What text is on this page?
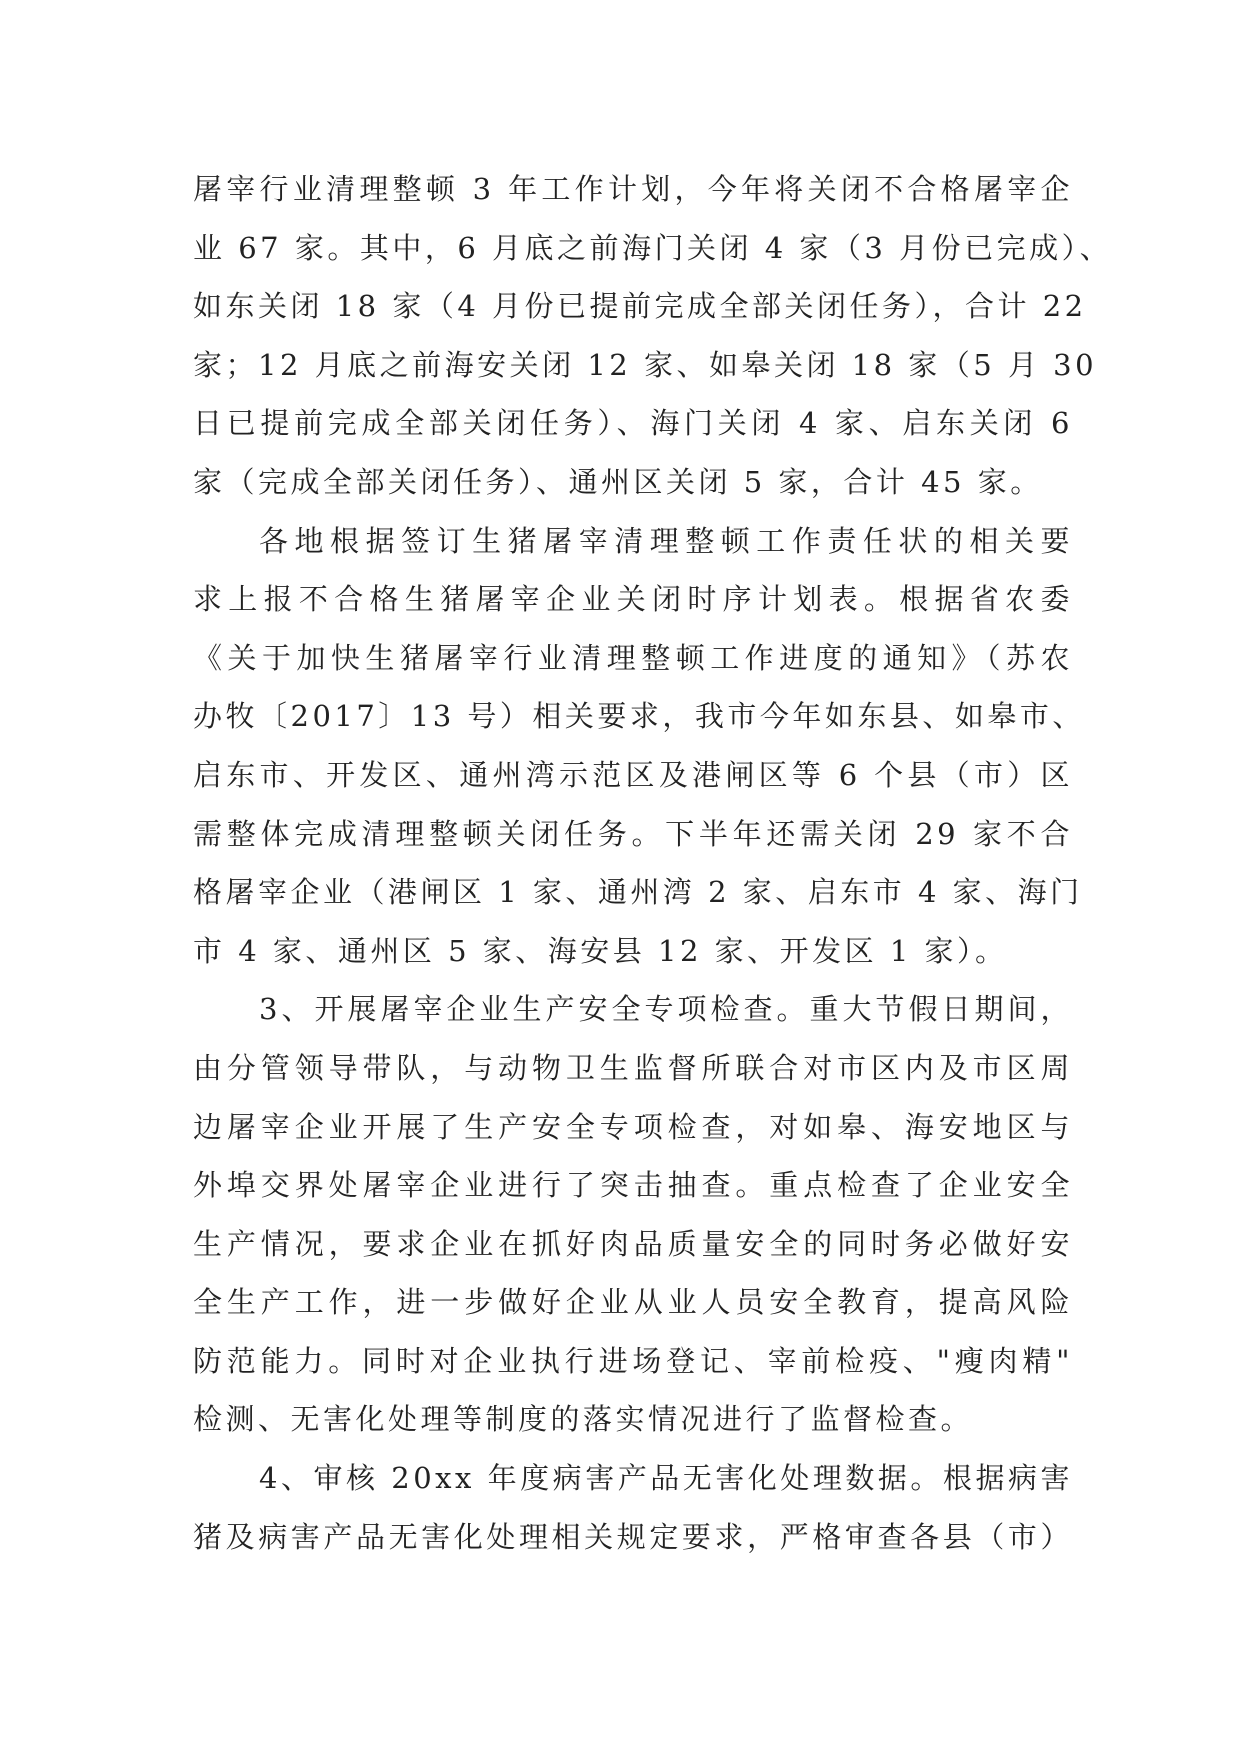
屠宰行业清理整顿 3 年工作计划，今年将关闭不合格屠宰企
业 67 家。其中，6 月底之前海门关闭 4 家（3 月份已完成）、
如东关闭 18 家（4 月份已提前完成全部关闭任务），合计 22
家；12 月底之前海安关闭 12 家、如皋关闭 18 家（5 月 30
日已提前完成全部关闭任务）、海门关闭 4 家、启东关闭 6
家（完成全部关闭任务）、通州区关闭 5 家，合计 45 家。
各地根据签订生猪屠宰清理整顿工作责任状的相关要
求上报不合格生猪屠宰企业关闭时序计划表。根据省农委
《关于加快生猪屠宰行业清理整顿工作进度的通知》（苏农
办牧〔2017〕13 号）相关要求，我市今年如东县、如皋市、
启东市、开发区、通州湾示范区及港闸区等 6 个县（市）区
需整体完成清理整顿关闭任务。下半年还需关闭 29 家不合
格屠宰企业（港闸区 1 家、通州湾 2 家、启东市 4 家、海门
市 4 家、通州区 5 家、海安县 12 家、开发区 1 家）。
3、开展屠宰企业生产安全专项检查。重大节假日期间，
由分管领导带队，与动物卫生监督所联合对市区内及市区周
边屠宰企业开展了生产安全专项检查，对如皋、海安地区与
外埠交界处屠宰企业进行了突击抽查。重点检查了企业安全
生产情况，要求企业在抓好肉品质量安全的同时务必做好安
全生产工作，进一步做好企业从业人员安全教育，提高风险
防范能力。同时对企业执行进场登记、宰前检疫、"瘦肉精"
检测、无害化处理等制度的落实情况进行了监督检查。
4、审核 20xx 年度病害产品无害化处理数据。根据病害
猪及病害产品无害化处理相关规定要求，严格审查各县（市）
